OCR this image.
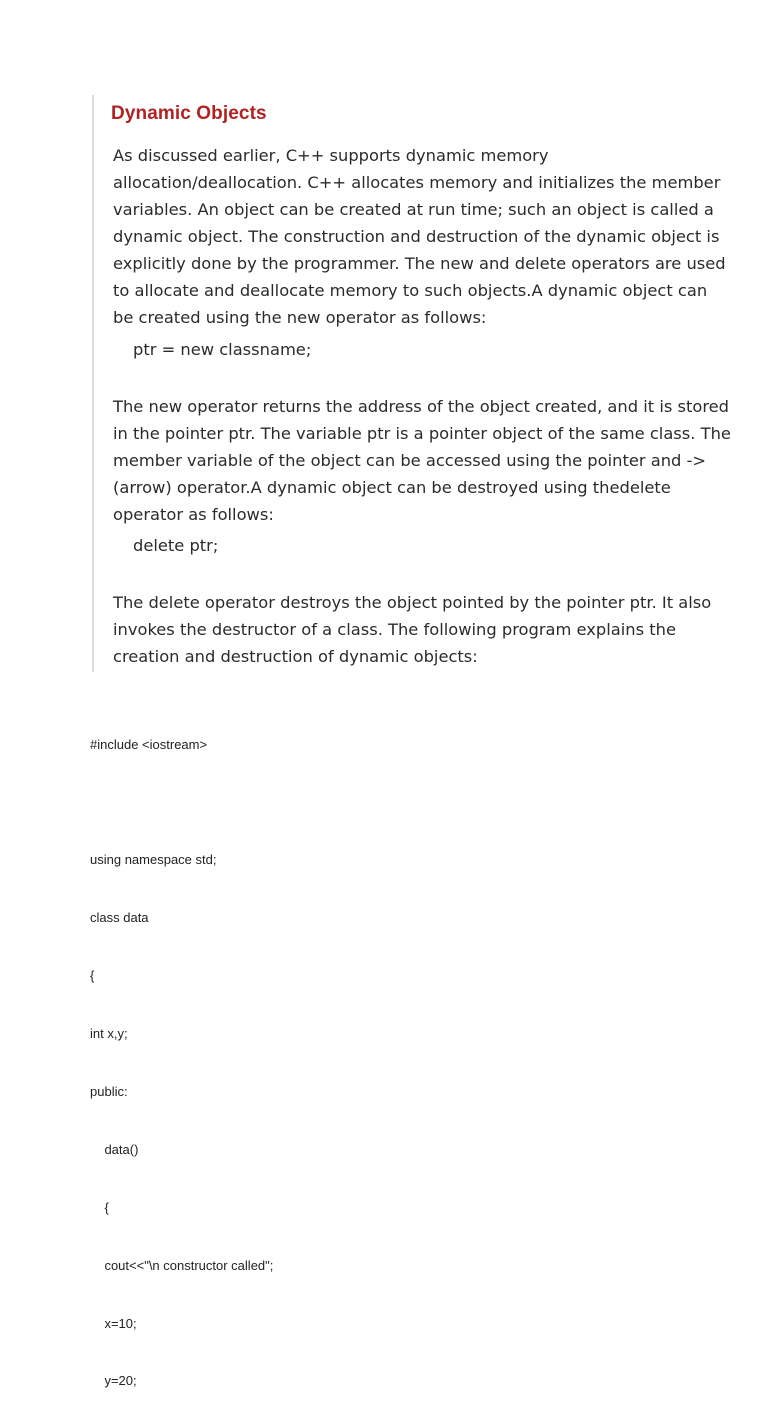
Dynamic Objects

As discussed earlier, C++ supports dynamic memory
allocation/deallocation. C++ allocates memory and initializes the member
variables. An object can be created at run time; such an object is called a
dynamic object. The construction and destruction of the dynamic object is
explicitly done by the programmer. The new and delete operators are used
to allocate and deallocate memory to such objects.A dynamic object can
be created using the new operator as follows:

ptr = new classname;

The new operator returns the address of the object created, and it is stored
in the pointer ptr. The variable ptr is a pointer object of the same class. The
member variable of the object can be accessed using the pointer and ->
(arrow) operator.A dynamic object can be destroyed using thedelete
operator as follows:

delete ptr;

The delete operator destroys the object pointed by the pointer ptr. It also
invokes the destructor of a class. The following program explains the
creation and destruction of dynamic objects:

#include <iostream>

using namespace std;

class data

{

int x,y;

public:

data()

{

cout<<"\n constructor called";

x=10;

y=20;
